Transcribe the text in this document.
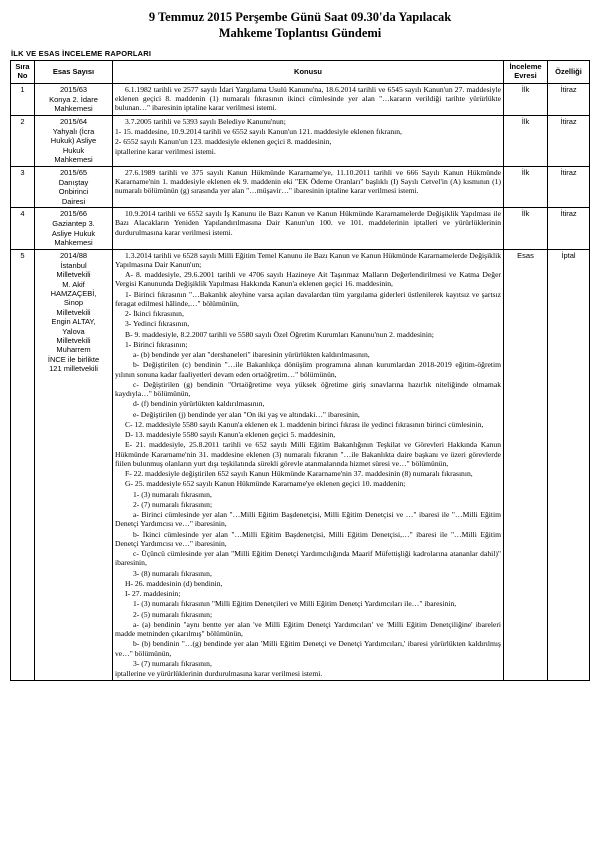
9 Temmuz 2015 Perşembe Günü Saat 09.30'da Yapılacak
Mahkeme Toplantısı Gündemi
İLK VE ESAS İNCELEME RAPORLARI
Sıra
No	Esas Sayısı	Konusu	İnceleme
Evresi	Özelliği
1	2015/63
Konya 2. İdare
Mahkemesi

6.1.1982 tarihli ve 2577 sayılı İdari Yargılama Usulü Kanunu'na, 18.6.2014 tarihli ve 6545 sayılı Kanun'un 27. maddesiyle eklenen geçici 8. maddenin (1) numaralı fıkrasının ikinci cümlesinde yer alan "…kararın verildiği tarihte yürürlükte bulunan…" ibaresinin iptaline karar verilmesi istemi.
	İlk	İtiraz
2	2015/64
Yahyalı (İcra
Hukuk) Asliye
Hukuk
Mahkemesi

3.7.2005 tarihli ve 5393 sayılı Belediye Kanunu'nun;
1- 15. maddesine, 10.9.2014 tarihli ve 6552 sayılı Kanun'un 121. maddesiyle eklenen fıkranın,
2- 6552 sayılı Kanun'un 123. maddesiyle eklenen geçici 8. maddesinin,
iptallerine karar verilmesi istemi.
	İlk	İtiraz
3	2015/65
Danıştay
Onbirinci
Dairesi

27.6.1989 tarihli ve 375 sayılı Kanun Hükmünde Kararname'ye, 11.10.2011 tarihli ve 666 Sayılı Kanun Hükmünde Kararname'nin 1. maddesiyle eklenen ek 9. maddenin eki "EK Ödeme Oranları" başlıklı (I) Sayılı Cetvel'in (A) kısmının (1) numaralı bölümünün (g) sırasında yer alan "…müşavir…" ibaresinin iptaline karar verilmesi istemi.
	İlk	İtiraz
4	2015/66
Gaziantep 3.
Asliye Hukuk
Mahkemesi

10.9.2014 tarihli ve 6552 sayılı İş Kanunu ile Bazı Kanun ve Kanun Hükmünde Kararnamelerde Değişiklik Yapılması ile Bazı Alacakların Yeniden Yapılandırılmasına Dair Kanun'un 100. ve 101. maddelerinin iptalleri ve yürürlüklerinin durdurulmasına karar verilmesi istemi.
	İlk	İtiraz
5	2014/88
İstanbul
Milletvekili
M. Akif
HAMZAÇEBİ,
Sinop
Milletvekili
Engin ALTAY,
Yalova
Milletvekili
Muharrem
İNCE ile birlikte
121 milletvekili

1.3.2014 tarihli ve 6528 sayılı Milli Eğitim Temel Kanunu ile Bazı Kanun ve Kanun Hükmünde Kararnamelerde Değişiklik Yapılmasına Dair Kanun'un;
A- 8. maddesiyle, 29.6.2001 tarihli ve 4706 sayılı Hazineye Ait Taşınmaz Malların Değerlendirilmesi ve Katma Değer Vergisi Kanununda Değişiklik Yapılması Hakkında Kanun'a eklenen geçici 16. maddesinin,
1- Birinci fıkrasının "…Bakanlık aleyhine varsa açılan davalardan tüm yargılama giderleri üstlenilerek kayıtsız ve şartsız feragat edilmesi hâlinde,…" bölümünün,
2- İkinci fıkrasının,
3- Yedinci fıkrasının,
B- 9. maddesiyle, 8.2.2007 tarihli ve 5580 sayılı Özel Öğretim Kurumları Kanunu'nun 2. maddesinin;
1- Birinci fıkrasının;
a- (b) bendinde yer alan "dershaneleri" ibaresinin yürürlükten kaldırılmasının,
b- Değiştirilen (c) bendinin "…ile Bakanlıkça dönüşüm programına alınan kurumlardan 2018-2019 eğitim-öğretim yılının sonuna kadar faaliyetleri devam eden ortaöğretim…" bölümünün,
c- Değiştirilen (g) bendinin "Ortaöğretime veya yüksek öğretime giriş sınavlarına hazırlık niteliğinde olmamak kaydıyla…" bölümünün,
d- (f) bendinin yürürlükten kaldırılmasının,
e- Değiştirilen (j) bendinde yer alan "On iki yaş ve altındaki…" ibaresinin,
C- 12. maddesiyle 5580 sayılı Kanun'a eklenen ek 1. maddenin birinci fıkrası ile yedinci fıkrasının birinci cümlesinin,
D- 13. maddesiyle 5580 sayılı Kanun'a eklenen geçici 5. maddesinin,
E- 21. maddesiyle, 25.8.2011 tarihli ve 652 sayılı Milli Eğitim Bakanlığının Teşkilat ve Görevleri Hakkında Kanun Hükmünde Kararname'nin 31. maddesine eklenen (3) numaralı fıkranın "…ile Bakanlıkta daire başkanı ve üzeri görevlerde fiilen bulunmuş olanların yurt dışı teşkilatında sürekli görevle atanmalarında hizmet süresi ve…" bölümünün,
F- 22. maddesiyle değiştirilen 652 sayılı Kanun Hükmünde Kararname'nin 37. maddesinin (8) numaralı fıkrasının,
G- 25. maddesiyle 652 sayılı Kanun Hükmünde Kararname'ye eklenen geçici 10. maddenin;
1- (3) numaralı fıkrasının,
2- (7) numaralı fıkrasının;
a- Birinci cümlesinde yer alan "…Milli Eğitim Başdenetçisi, Milli Eğitim Denetçisi ve …" ibaresi ile "…Milli Eğitim Denetçi Yardımcısı ve…" ibaresinin,
b- İkinci cümlesinde yer alan "…Milli Eğitim Başdenetçisi, Milli Eğitim Denetçisi,…" ibaresi ile "…Milli Eğitim Denetçi Yardımcısı ve…" ibaresinin,
c- Üçüncü cümlesinde yer alan "Milli Eğitim Denetçi Yardımcılığında Maarif Müfettişliği kadrolarına atananlar dahil)" ibaresinin,
3- (8) numaralı fıkrasının,
H- 26. maddesinin (d) bendinin,
I- 27. maddesinin;
1- (3) numaralı fıkrasının "Milli Eğitim Denetçileri ve Milli Eğitim Denetçi Yardımcıları ile…" ibaresinin,
2- (5) numaralı fıkrasının;
a- (a) bendinin "aynı bentte yer alan 've Milli Eğitim Denetçi Yardımcıları' ve 'Milli Eğitim Denetçiliğine' ibareleri madde metninden çıkarılmış" bölümünün,
b- (b) bendinin "…(g) bendinde yer alan 'Milli Eğitim Denetçi ve Denetçi Yardımcıları,' ibaresi yürürlükten kaldırılmış ve…" bölümünün,
3- (7) numaralı fıkrasının,
iptallerine ve yürürlüklerinin durdurulmasına karar verilmesi istemi.
	Esas	İptal
